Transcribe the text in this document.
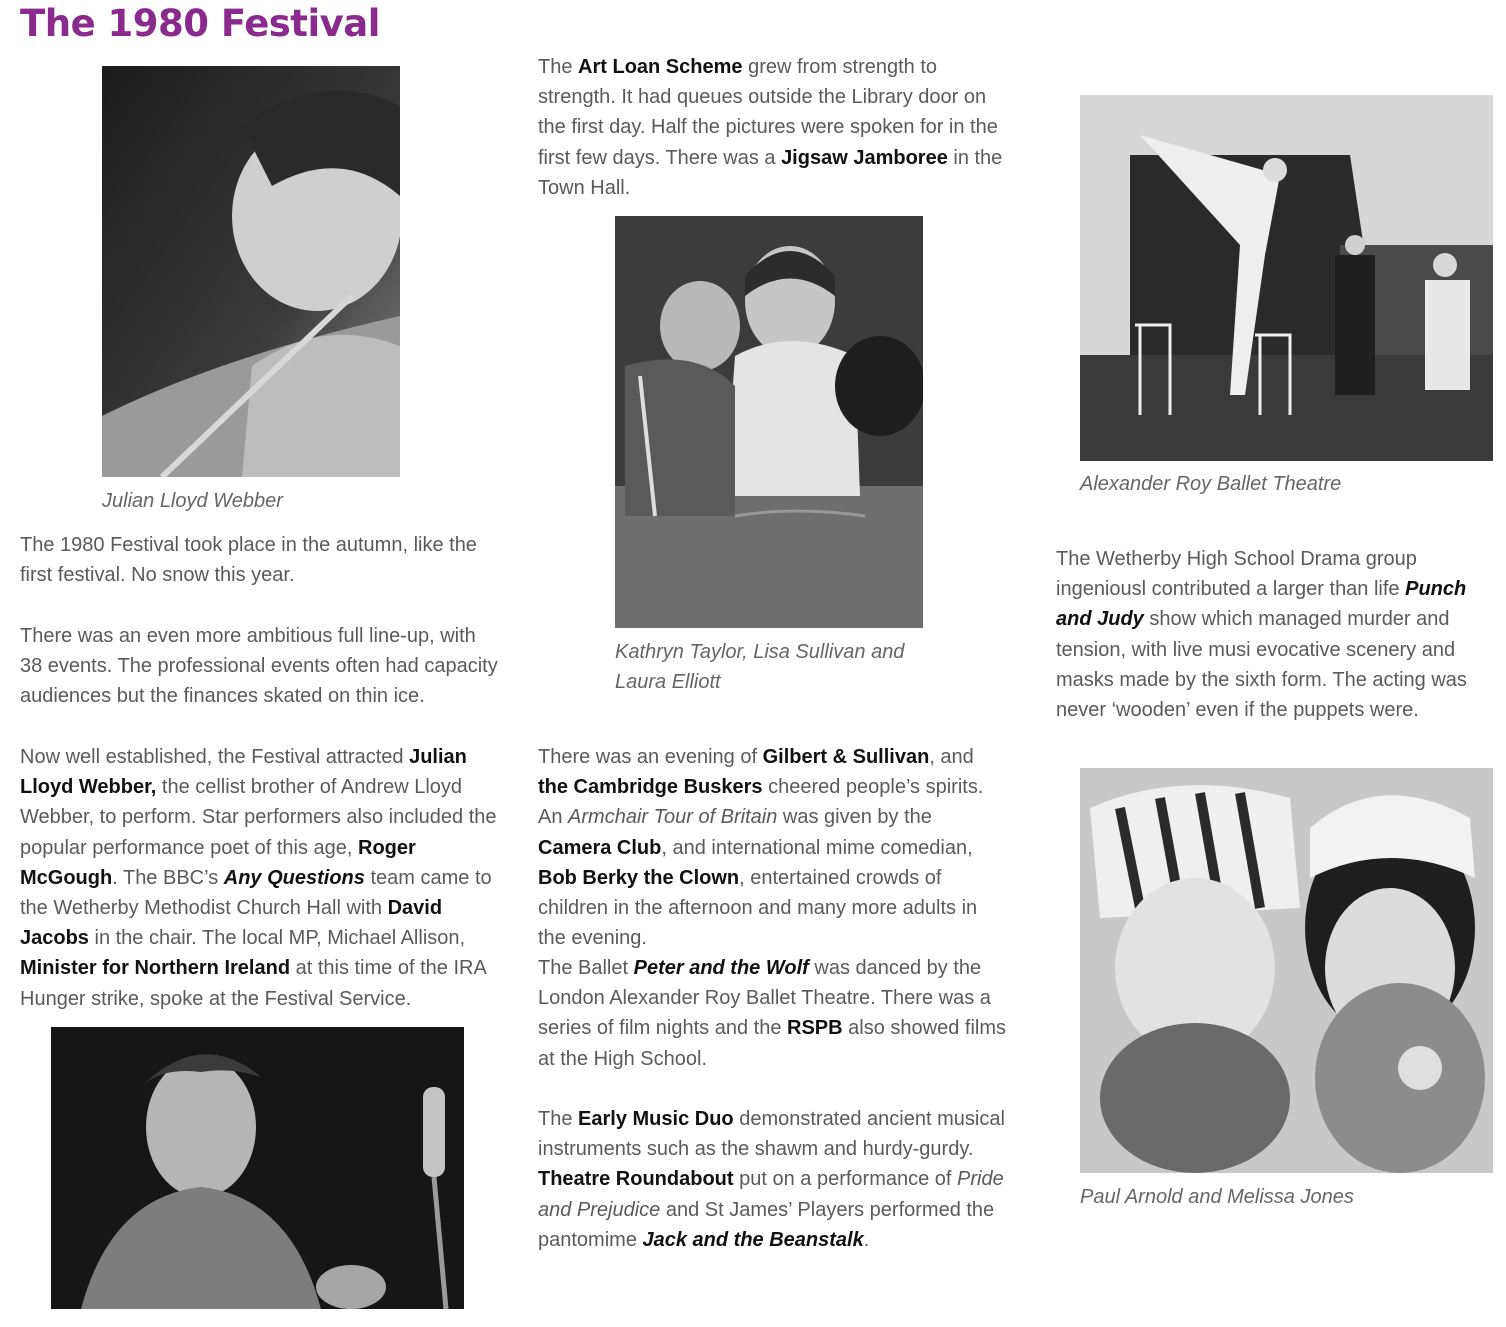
The 1980 Festival
Julian Lloyd Webber

The 1980 Festival took place in the autumn, like the first festival. No snow this year.

There was an even more ambitious full line-up, with 38 events. The professional events often had capacity audiences but the finances skated on thin ice.

Now well established, the Festival attracted Julian Lloyd Webber, the cellist brother of Andrew Lloyd Webber, to perform. Star performers also included the popular performance poet of this age, Roger McGough. The BBC’s Any Questions team came to the Wetherby Methodist Church Hall with David Jacobs in the chair. The local MP, Michael Allison, Minister for Northern Ireland at this time of the IRA Hunger strike, spoke at the Festival Service.

The Art Loan Scheme grew from strength to strength. It had queues outside the Library door on the first day. Half the pictures were spoken for in the first few days. There was a Jigsaw Jamboree in the Town Hall.

Kathryn Taylor, Lisa Sullivan and
Laura Elliott

There was an evening of Gilbert & Sullivan, and the Cambridge Buskers cheered people’s spirits. An Armchair Tour of Britain was given by the Camera Club, and international mime comedian, Bob Berky the Clown, entertained crowds of children in the afternoon and many more adults in the evening.

The Ballet Peter and the Wolf was danced by the London Alexander Roy Ballet Theatre. There was a series of film nights and the RSPB also showed films at the High School.

The Early Music Duo demonstrated ancient musical instruments such as the shawm and hurdy-gurdy. Theatre Roundabout put on a performance of Pride and Prejudice and St James’ Players performed the pantomime Jack and the Beanstalk.

Alexander Roy Ballet Theatre

The Wetherby High School Drama group ingeniousl contributed a larger than life Punch and Judy show which managed murder and tension, with live musi evocative scenery and masks made by the sixth form. The acting was never ‘wooden’ even if the puppets were.

Paul Arnold and Melissa Jones
